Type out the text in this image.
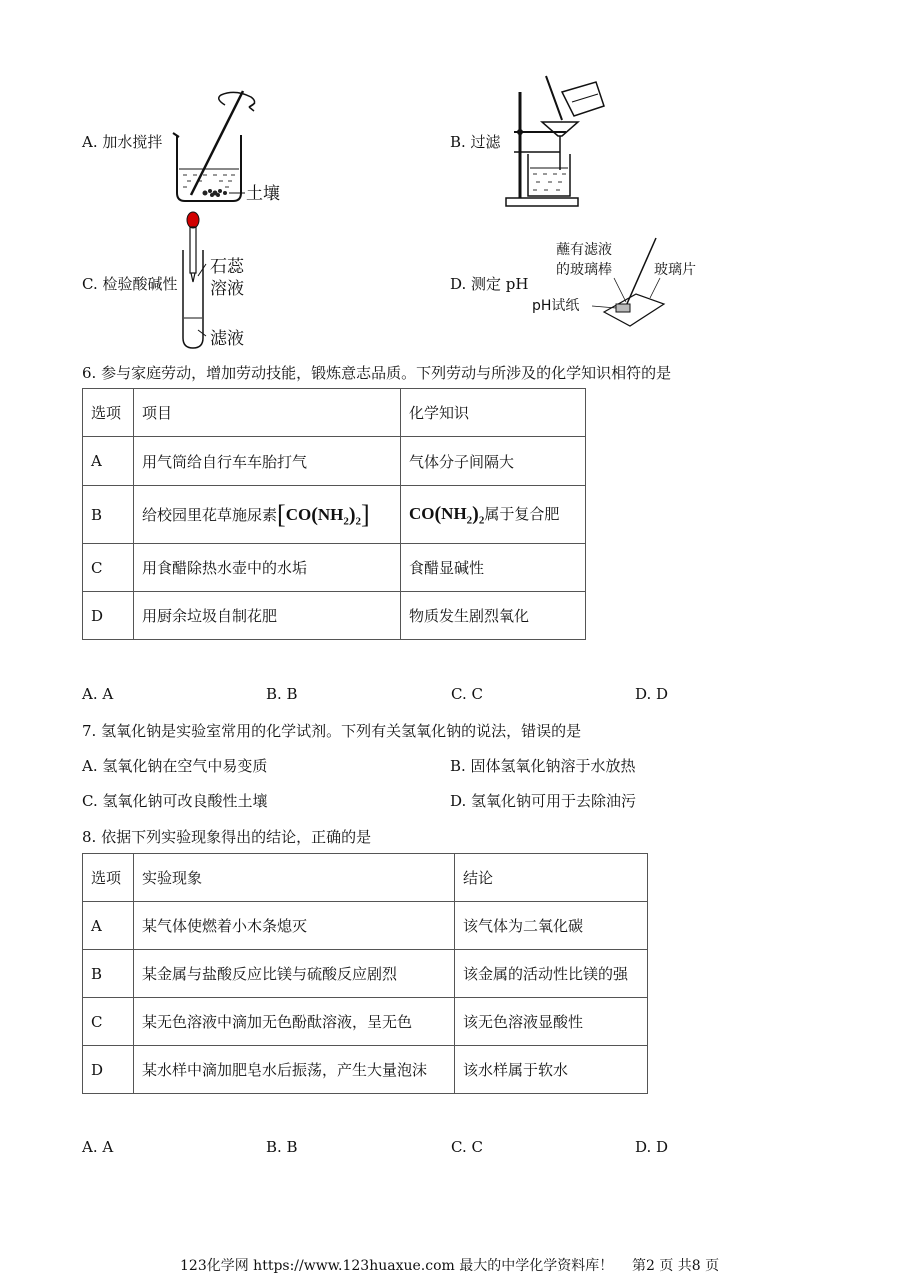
A. 加水搅拌	B. 过滤
C. 检验酸碱性	D. 测定 pH
土壤
石蕊
溶液
滤液
蘸有滤液
的玻璃棒	玻璃片
pH试纸
6. 参与家庭劳动，增加劳动技能，锻炼意志品质。下列劳动与所涉及的化学知识相符的是
选项	项目	化学知识
A	用气筒给自行车车胎打气	气体分子间隔大
B	给校园里花草施尿素$[CO(NH_2)_2]$	$CO(NH_2)_2$属于复合肥
C	用食醋除热水壶中的水垢	食醋显碱性
D	用厨余垃圾自制花肥	物质发生剧烈氧化
A. A	B. B	C. C	D. D
7. 氢氧化钠是实验室常用的化学试剂。下列有关氢氧化钠的说法，错误的是
A. 氢氧化钠在空气中易变质	B. 固体氢氧化钠溶于水放热
C. 氢氧化钠可改良酸性土壤	D. 氢氧化钠可用于去除油污
8. 依据下列实验现象得出的结论，正确的是
选项	实验现象	结论
A	某气体使燃着小木条熄灭	该气体为二氧化碳
B	某金属与盐酸反应比镁与硫酸反应剧烈	该金属的活动性比镁的强
C	某无色溶液中滴加无色酚酞溶液，呈无色	该无色溶液显酸性
D	某水样中滴加肥皂水后振荡，产生大量泡沫	该水样属于软水
A. A	B. B	C. C	D. D
123化学网 https://www.123huaxue.com 最大的中学化学资料库！ 第2 页 共8 页
